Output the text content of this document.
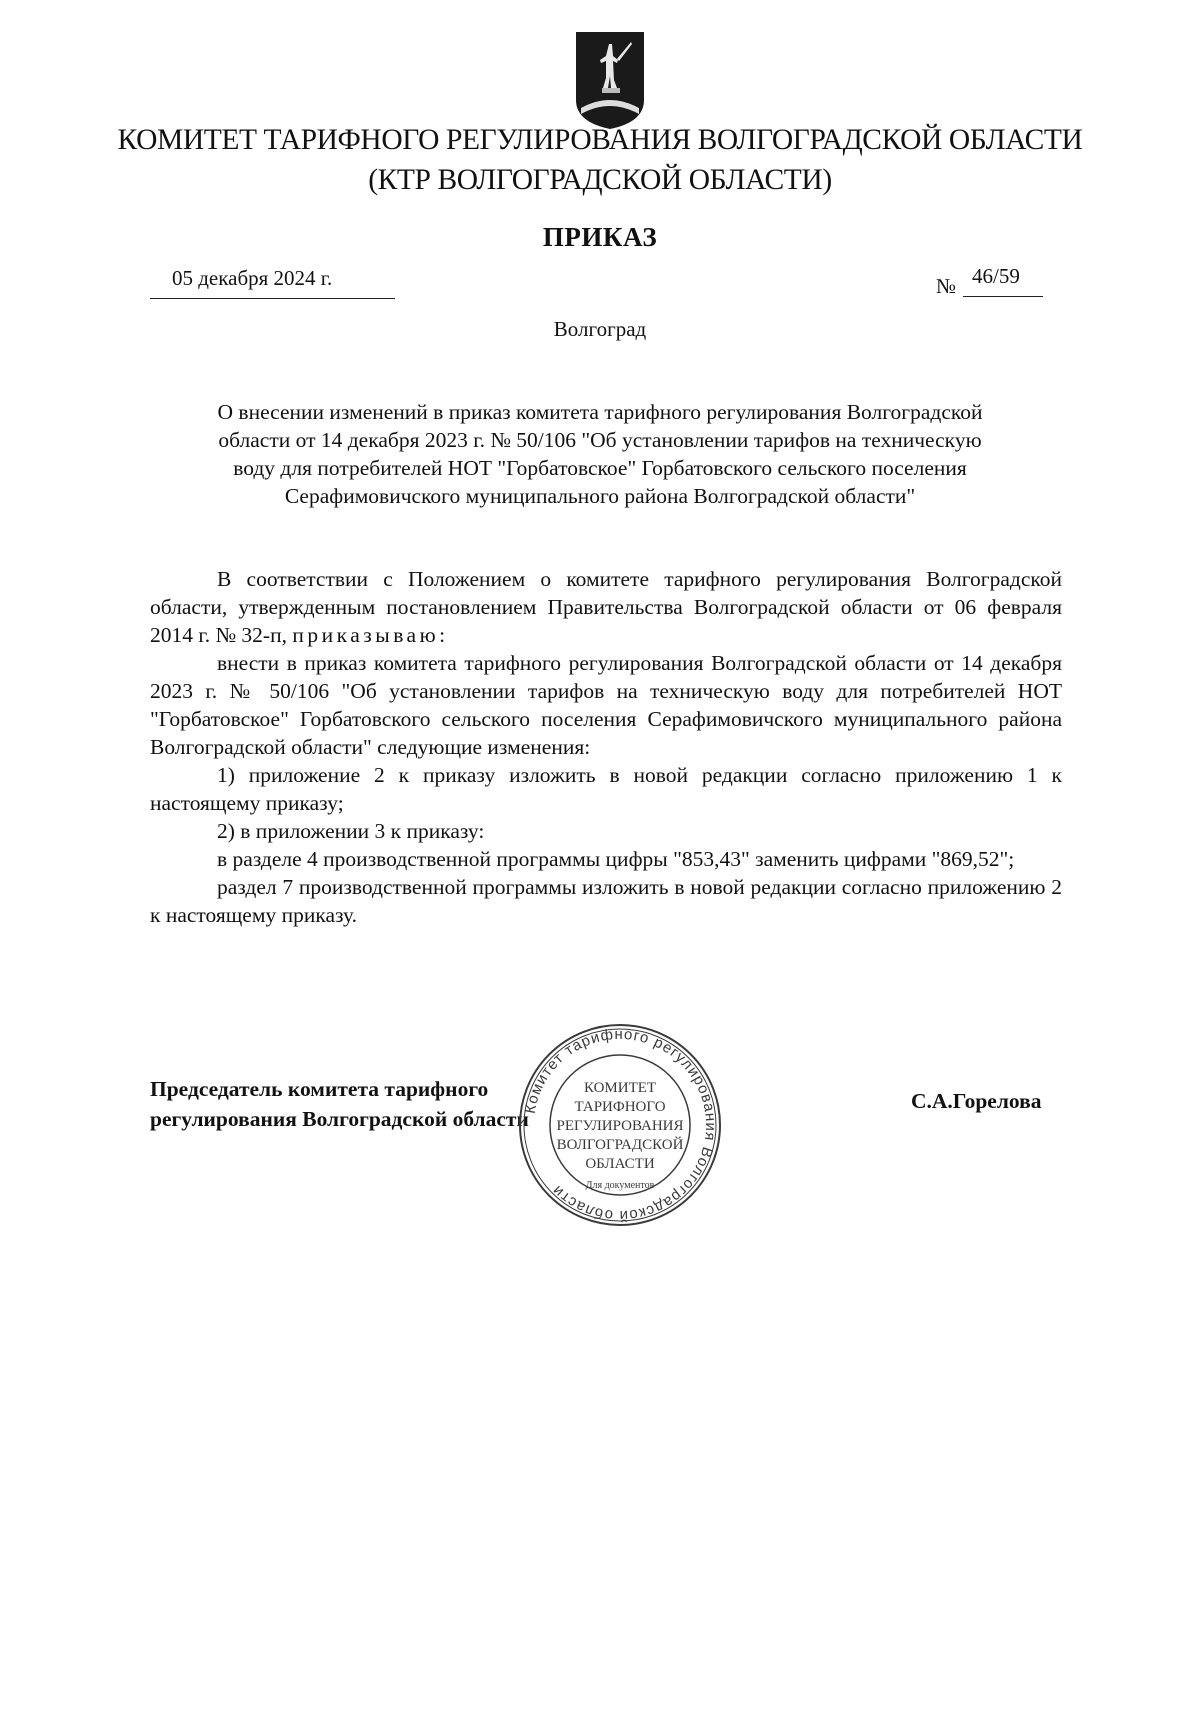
КОМИТЕТ ТАРИФНОГО РЕГУЛИРОВАНИЯ ВОЛГОГРАДСКОЙ ОБЛАСТИ
(КТР ВОЛГОГРАДСКОЙ ОБЛАСТИ)
ПРИКАЗ
05 декабря 2024 г.	№ 46/59
Волгоград
О внесении изменений в приказ комитета тарифного регулирования Волгоградской
области от 14 декабря 2023 г. № 50/106 "Об установлении тарифов на техническую
воду для потребителей НОТ "Горбатовское" Горбатовского сельского поселения
Серафимовичского муниципального района Волгоградской области"

В соответствии с Положением о комитете тарифного регулирования Волгоградской области, утвержденным постановлением Правительства Волгоградской области от 06 февраля 2014 г. № 32-п, приказываю:

внести в приказ комитета тарифного регулирования Волгоградской области от 14 декабря 2023 г. № 50/106 "Об установлении тарифов на техническую воду для потребителей НОТ "Горбатовское" Горбатовского сельского поселения Серафимовичского муниципального района Волгоградской области" следующие изменения:

1) приложение 2 к приказу изложить в новой редакции согласно приложению 1 к настоящему приказу;

2) в приложении 3 к приказу:

в разделе 4 производственной программы цифры "853,43" заменить цифрами "869,52";

раздел 7 производственной программы изложить в новой редакции согласно приложению 2 к настоящему приказу.

Председатель комитета тарифного
регулирования Волгоградской области
С.А.Горелова
Комитет тарифного регулирования Волгоградской области
КОМИТЕТ
ТАРИФНОГО
РЕГУЛИРОВАНИЯ
ВОЛГОГРАДСКОЙ
ОБЛАСТИ
Для документов
